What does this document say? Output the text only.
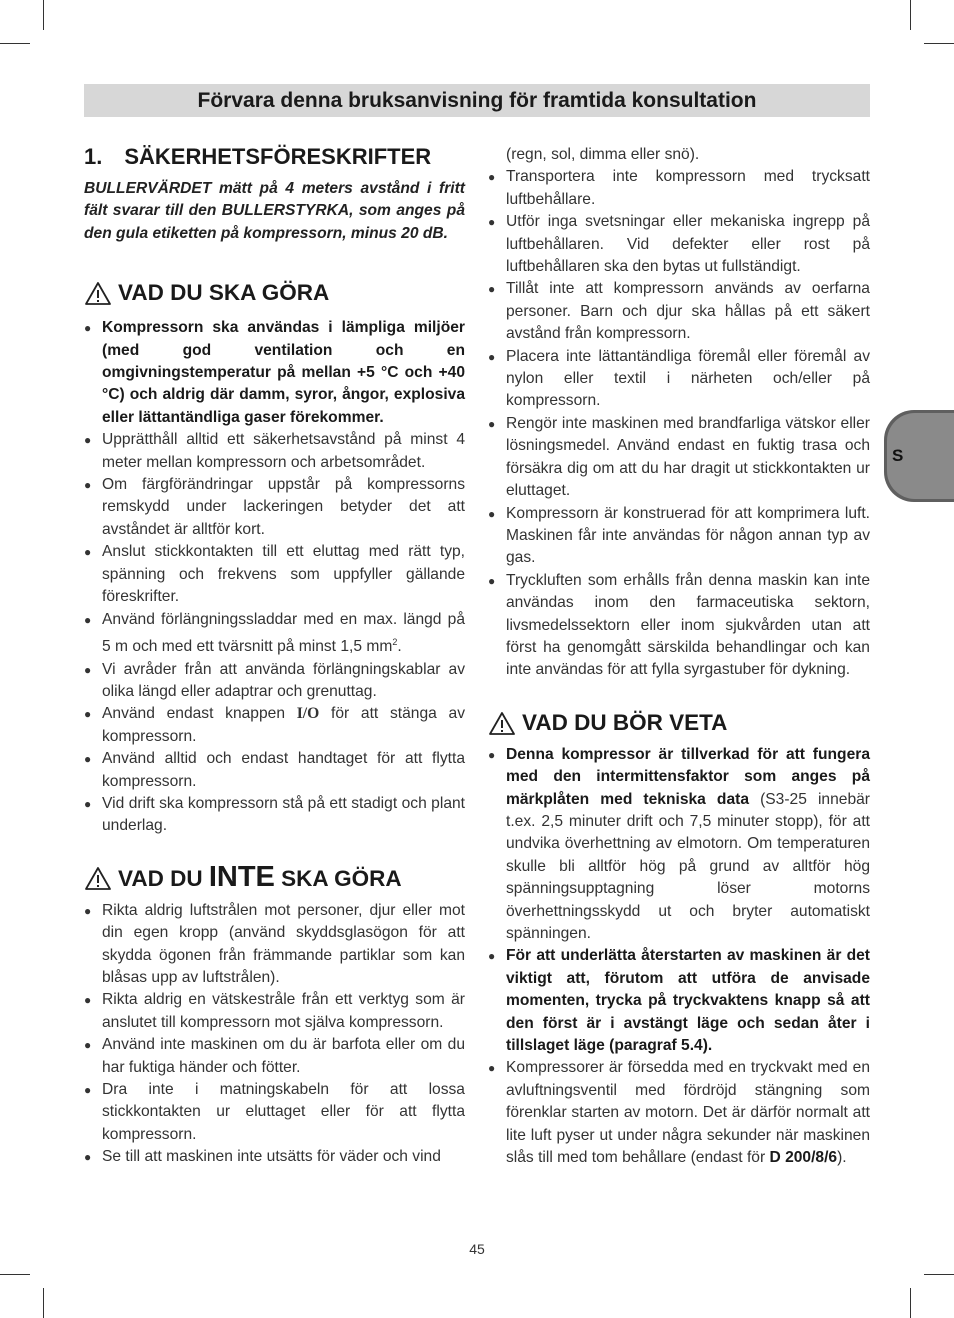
Förvara denna bruksanvisning för framtida konsultation
1. SÄKERHETSFÖRESKRIFTER

BULLERVÄRDET mätt på 4 meters avstånd i fritt fält svarar till den BULLERSTYRKA, som anges på den gula etiketten på kompressorn, minus 20 dB.

VAD DU SKA GÖRA
● Kompressorn ska användas i lämpliga miljöer (med god ventilation och en omgivningstemperatur på mellan +5 °C och +40 °C) och aldrig där damm, syror, ångor, explosiva eller lättantändliga gaser förekommer.
● Upprätthåll alltid ett säkerhetsavstånd på minst 4 meter mellan kompressorn och arbetsområdet.
● Om färgförändringar uppstår på kompressorns remskydd under lackeringen betyder det att avståndet är alltför kort.
● Anslut stickkontakten till ett eluttag med rätt typ, spänning och frekvens som uppfyller gällande föreskrifter.
● Använd förlängningssladdar med en max. längd på 5 m och med ett tvärsnitt på minst 1,5 $mm^2$.
● Vi avråder från att använda förlängningskablar av olika längd eller adaptrar och grenuttag.
● Använd endast knappen I/O för att stänga av kompressorn.
● Använd alltid och endast handtaget för att flytta kompressorn.
● Vid drift ska kompressorn stå på ett stadigt och plant underlag.
VAD DU INTE SKA GÖRA
● Rikta aldrig luftstrålen mot personer, djur eller mot din egen kropp (använd skyddsglasögon för att skydda ögonen från främmande partiklar som kan blåsas upp av luftstrålen).
● Rikta aldrig en vätskestråle från ett verktyg som är anslutet till kompressorn mot själva kompressorn.
● Använd inte maskinen om du är barfota eller om du har fuktiga händer och fötter.
● Dra inte i matningskabeln för att lossa stickkontakten ur eluttaget eller för att flytta kompressorn.
● Se till att maskinen inte utsätts för väder och vind

(regn, sol, dimma eller snö).

● Transportera inte kompressorn med trycksatt luftbehållare.
● Utför inga svetsningar eller mekaniska ingrepp på luftbehållaren. Vid defekter eller rost på luftbehållaren ska den bytas ut fullständigt.
● Tillåt inte att kompressorn används av oerfarna personer. Barn och djur ska hållas på ett säkert avstånd från kompressorn.
● Placera inte lättantändliga föremål eller föremål av nylon eller textil i närheten och/eller på kompressorn.
● Rengör inte maskinen med brandfarliga vätskor eller lösningsmedel. Använd endast en fuktig trasa och försäkra dig om att du har dragit ut stickkontakten ur eluttaget.
● Kompressorn är konstruerad för att komprimera luft. Maskinen får inte användas för någon annan typ av gas.
● Tryckluften som erhålls från denna maskin kan inte användas inom den farmaceutiska sektorn, livsmedelssektorn eller inom sjukvården utan att först ha genomgått särskilda behandlingar och kan inte användas för att fylla syrgastuber för dykning.
VAD DU BÖR VETA
● Denna kompressor är tillverkad för att fungera med den intermittensfaktor som anges på märkplåten med tekniska data (S3-25 innebär t.ex. 2,5 minuter drift och 7,5 minuter stopp), för att undvika överhettning av elmotorn. Om temperaturen skulle bli alltför hög på grund av alltför hög spänningsupptagning löser motorns överhettningsskydd ut och bryter automatiskt spänningen.
● För att underlätta återstarten av maskinen är det viktigt att, förutom att utföra de anvisade momenten, trycka på tryckvaktens knapp så att den först är i avstängt läge och sedan åter i tillslaget läge (paragraf 5.4).
● Kompressorer är försedda med en tryckvakt med en avluftningsventil med fördröjd stängning som förenklar starten av motorn. Det är därför normalt att lite luft pyser ut under några sekunder när maskinen slås till med tom behållare (endast för D 200/8/6).
S
45
